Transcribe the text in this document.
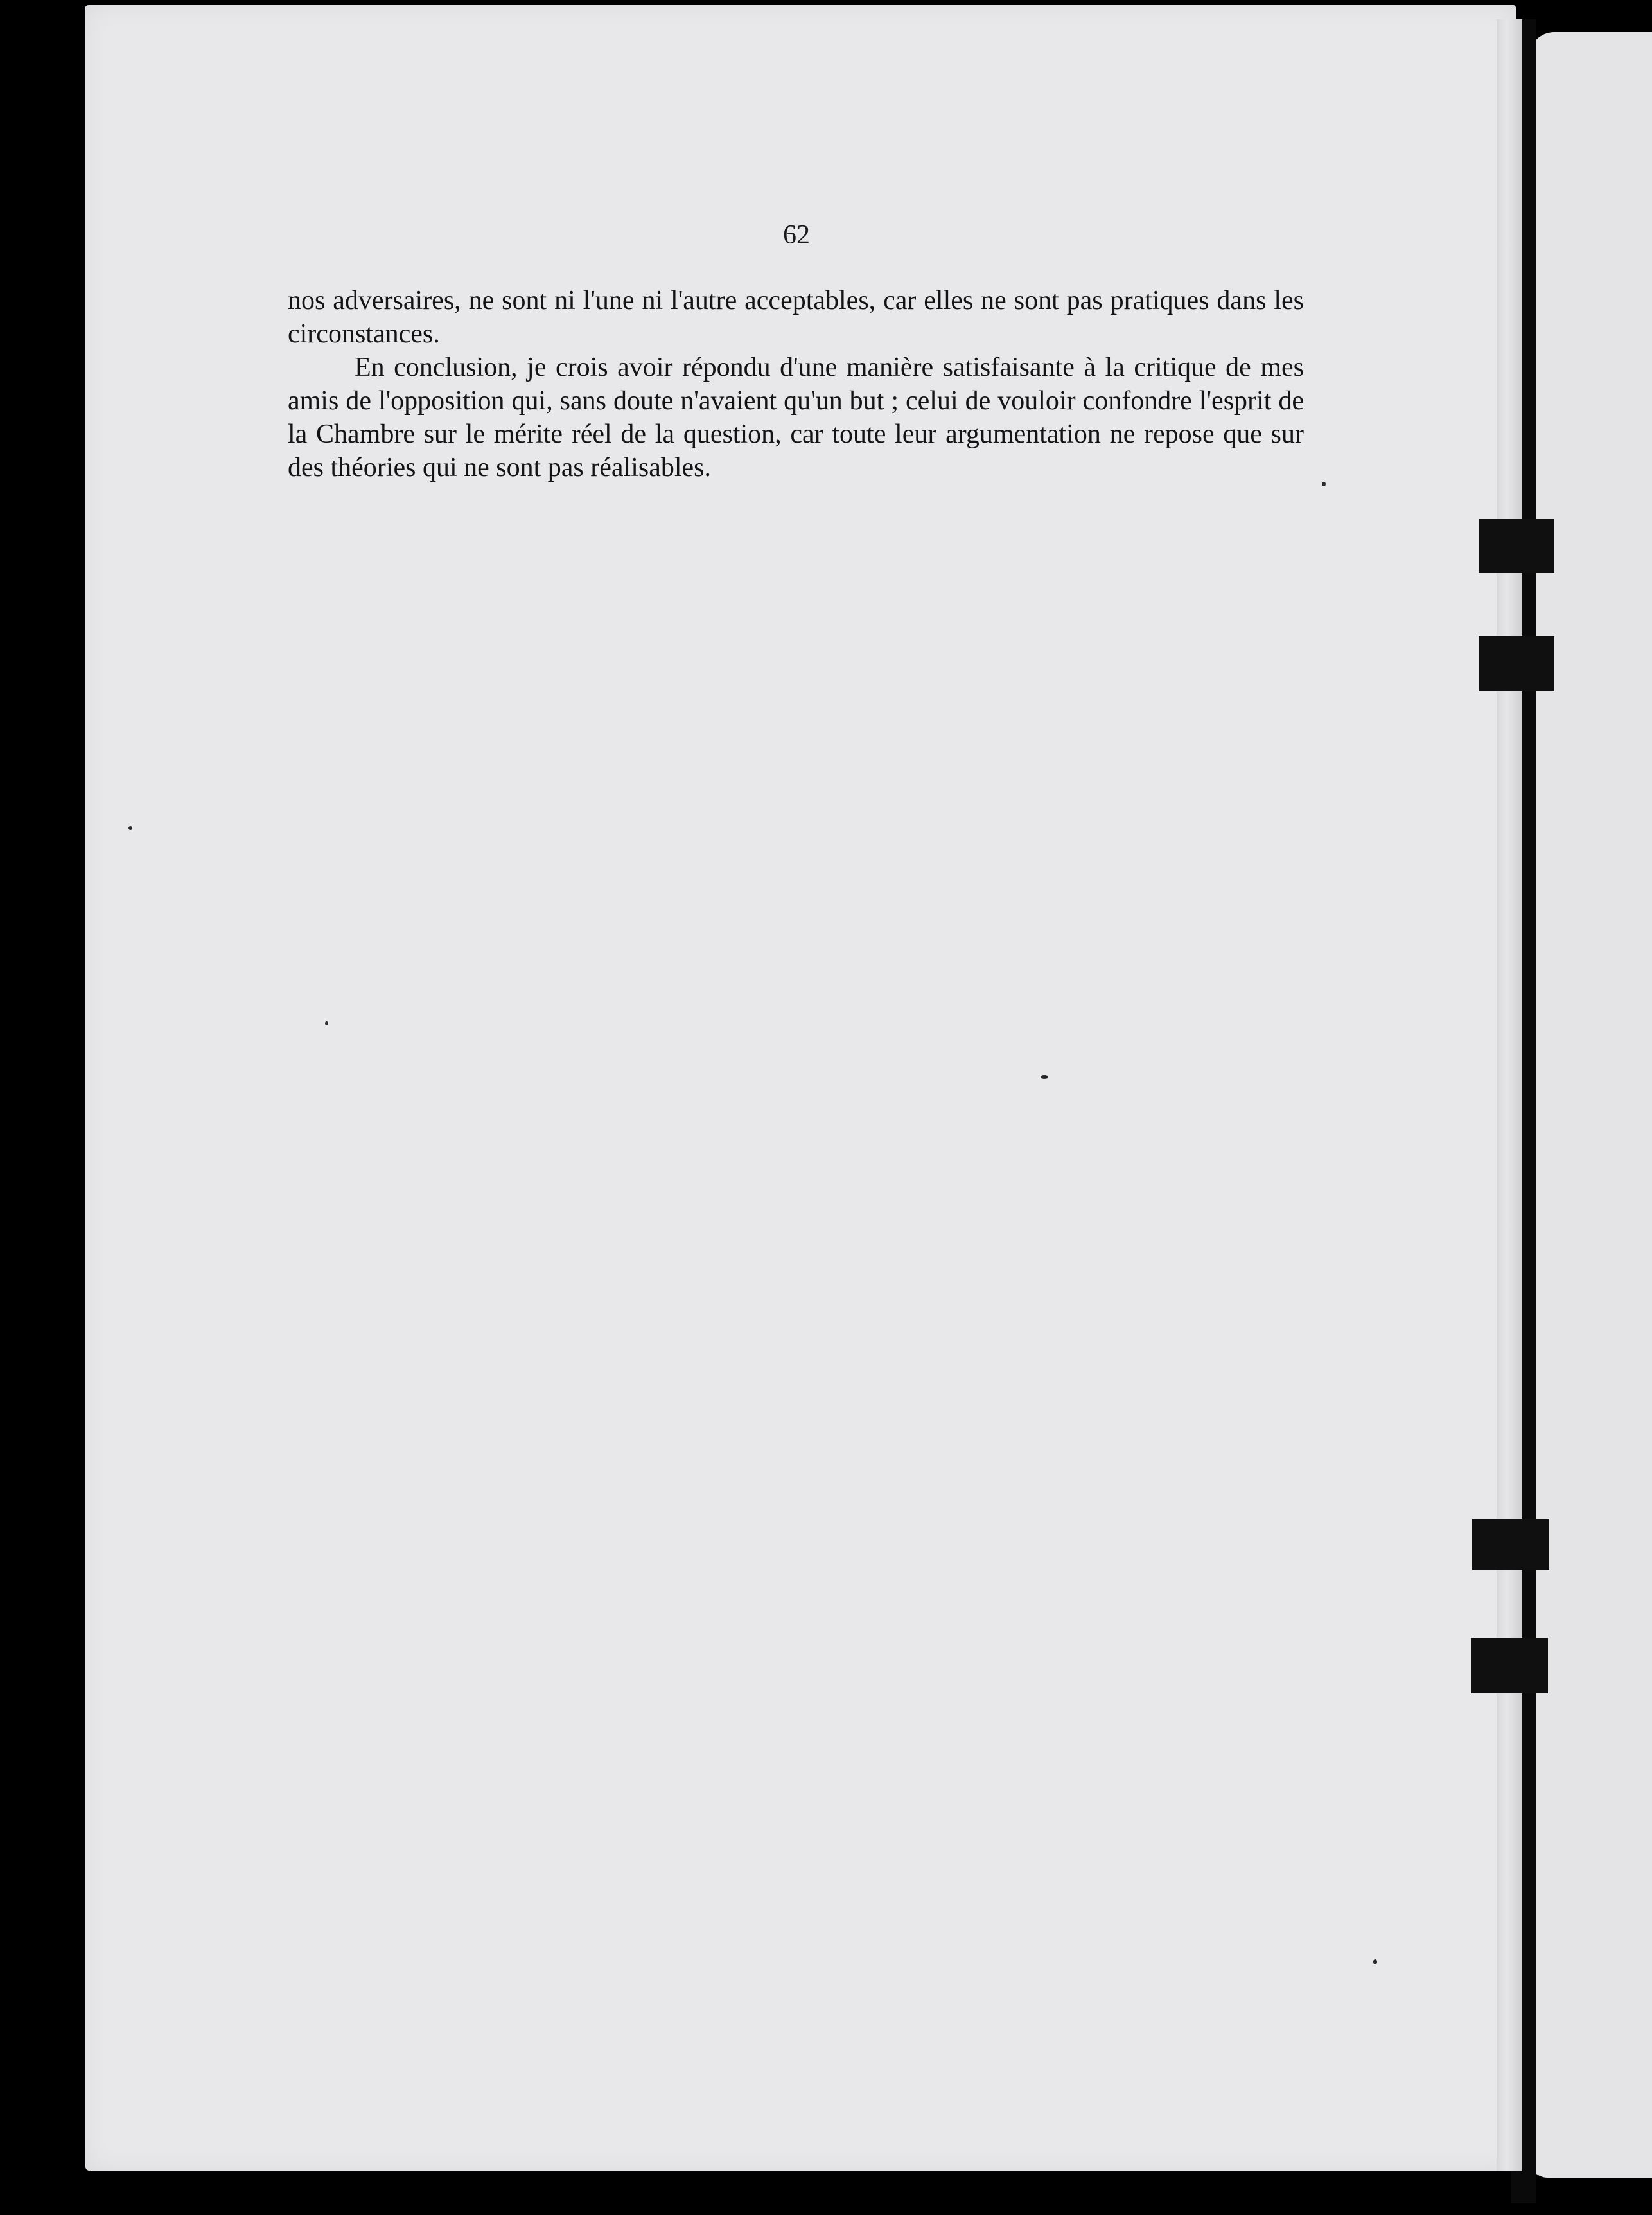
62

nos adversaires, ne sont ni l'une ni l'autre acceptables, car elles ne sont pas pratiques dans les circonstances.

En conclusion, je crois avoir répondu d'une manière satisfaisante à la critique de mes amis de l'opposition qui, sans doute n'avaient qu'un but ; celui de vouloir confondre l'esprit de la Chambre sur le mérite réel de la question, car toute leur argumentation ne repose que sur des théories qui ne sont pas réalisables.
